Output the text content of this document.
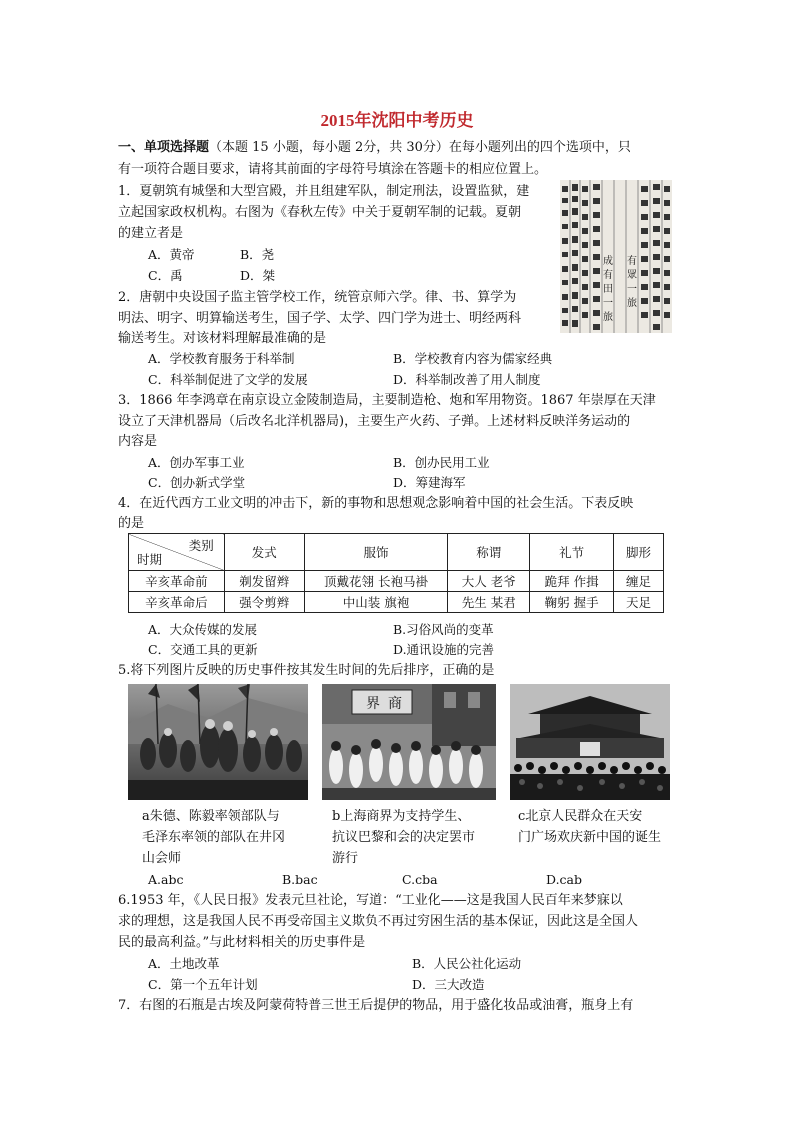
2015年沈阳中考历史
一、单项选择题（本题 15 小题，每小题 2分，共 30分）在每小题列出的四个选项中，只
有一项符合题目要求，请将其前面的字母符号填涂在答题卡的相应位置上。
1．夏朝筑有城堡和大型宫殿，并且组建军队，制定刑法，设置监狱，建
立起国家政权机构。右图为《春秋左传》中关于夏朝军制的记载。夏朝
的建立者是
A．黄帝	B．尧
C．禹	D．桀
成
有
田
一
旅
有
眾
一
旅
2．唐朝中央设国子监主管学校工作，统管京师六学。律、书、算学为
明法、明字、明算输送考生，国子学、太学、四门学为进士、明经两科
输送考生。对该材料理解最准确的是
A．学校教育服务于科举制	B．学校教育内容为儒家经典
C．科举制促进了文学的发展	D．科举制改善了用人制度
3．1866 年李鸿章在南京设立金陵制造局，主要制造枪、炮和军用物资。1867 年崇厚在天津
设立了天津机器局（后改名北洋机器局)，主要生产火药、子弹。上述材料反映洋务运动的
内容是
A．创办军事工业	B．创办民用工业
C．创办新式学堂	D．筹建海军
4．在近代西方工业文明的冲击下，新的事物和思想观念影响着中国的社会生活。下表反映
的是
类别
时期	发式	服饰	称谓	礼节	脚形
辛亥革命前	剃发留辫	顶戴花翎 长袍马褂	大人 老爷	跪拜 作揖	缠足
辛亥革命后	强令剪辫	中山装 旗袍	先生 某君	鞠躬 握手	天足
A．大众传媒的发展	B.习俗风尚的变革
C．交通工具的更新	D.通讯设施的完善
5.将下列图片反映的历史事件按其发生时间的先后排序，正确的是
界 商
a朱德、陈毅率领部队与
毛泽东率领的部队在井冈
山会师
b上海商界为支持学生、
抗议巴黎和会的决定罢市
游行
c北京人民群众在天安
门广场欢庆新中国的诞生
A.abc	B.bac	C.cba	D.cab
6.1953 年，《人民日报》发表元旦社论，写道：“工业化——这是我国人民百年来梦寐以
求的理想，这是我国人民不再受帝国主义欺负不再过穷困生活的基本保证，因此这是全国人
民的最高利益。”与此材料相关的历史事件是
A．土地改革	B．人民公社化运动
C．第一个五年计划	D．三大改造
7．右图的石瓶是古埃及阿蒙荷特普三世王后提伊的物品，用于盛化妆品或油膏，瓶身上有
